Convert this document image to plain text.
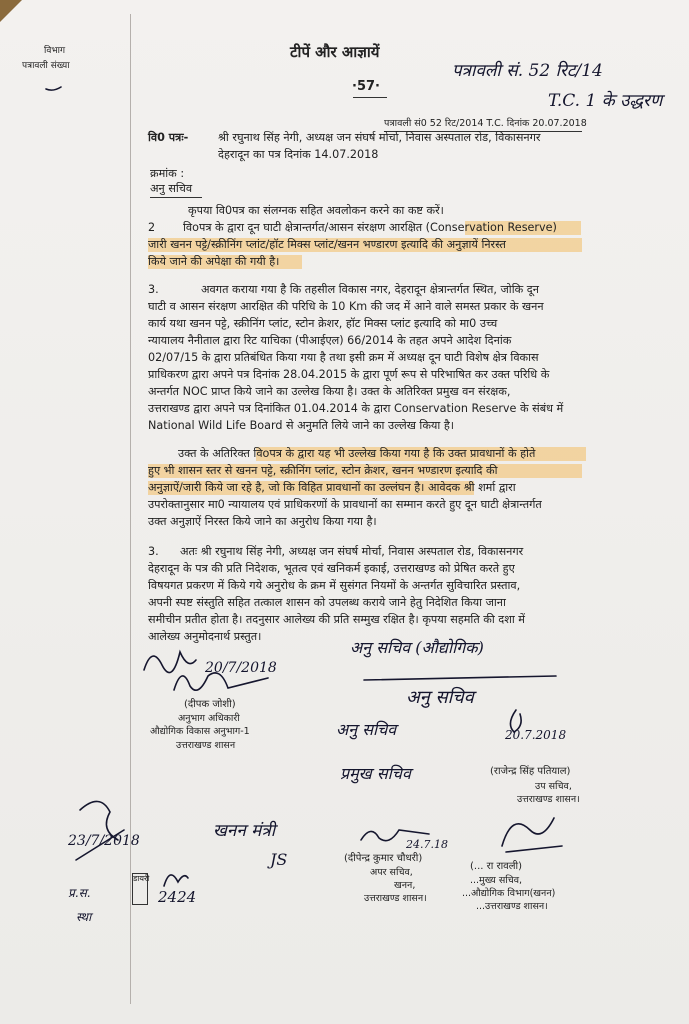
विभाग
पत्रावली संख्या
टीपें और आज्ञायें
·57·
पत्रावली सं. 52 रिट/14
T.C. 1 के उद्धरण
पत्रावली सं0 52 रिट/2014 T.C. दिनांक 20.07.2018
वि0 पत्रः-	श्री रघुनाथ सिंह नेगी, अध्यक्ष जन संघर्ष मोर्चा, निवास अस्पताल रोड, विकासनगर
देहरादून का पत्र दिनांक 14.07.2018
क्रमांक :
अनु सचिव
कृपया वि0पत्र का संलग्नक सहित अवलोकन करने का कष्ट करें।
2 विoपत्र के द्वारा दून घाटी क्षेत्रान्तर्गत/आसन संरक्षण आरक्षित (Conservation Reserve)
जारी खनन पट्टे/स्क्रीनिंग प्लांट/हॉट मिक्स प्लांट/खनन भण्डारण इत्यादि की अनुज्ञायें निरस्त
किये जाने की अपेक्षा की गयी है।
3.	अवगत कराया गया है कि तहसील विकास नगर, देहरादून क्षेत्रान्तर्गत स्थित, जोकि दून
घाटी व आसन संरक्षण आरक्षित की परिधि के 10 Km की जद में आने वाले समस्त प्रकार के खनन
कार्य यथा खनन पट्टे, स्क्रीनिंग प्लांट, स्टोन क्रेशर, हॉट मिक्स प्लांट इत्यादि को मा0 उच्च
न्यायालय नैनीताल द्वारा रिट याचिका (पीआईएल) 66/2014 के तहत अपने आदेश दिनांक
02/07/15 के द्वारा प्रतिबंधित किया गया है तथा इसी क्रम में अध्यक्ष दून घाटी विशेष क्षेत्र विकास
प्राधिकरण द्वारा अपने पत्र दिनांक 28.04.2015 के द्वारा पूर्ण रूप से परिभाषित कर उक्त परिधि के
अन्तर्गत NOC प्राप्त किये जाने का उल्लेख किया है। उक्त के अतिरिक्त प्रमुख वन संरक्षक,
उत्तराखण्ड द्वारा अपने पत्र दिनांकित 01.04.2014 के द्वारा Conservation Reserve के संबंध में
National Wild Life Board से अनुमति लिये जाने का उल्लेख किया है।
उक्त के अतिरिक्त विoपत्र के द्वारा यह भी उल्लेख किया गया है कि उक्त प्रावधानों के होते
हुए भी शासन स्तर से खनन पट्टे, स्क्रीनिंग प्लांट, स्टोन क्रेशर, खनन भण्डारण इत्यादि की
अनुज्ञाऐं/जारी किये जा रहे है, जो कि विहित प्रावधानों का उल्लंघन है। आवेदक श्री शर्मा द्वारा
उपरोक्तानुसार मा0 न्यायालय एवं प्राधिकरणों के प्रावधानों का सम्मान करते हुए दून घाटी क्षेत्रान्तर्गत
उक्त अनुज्ञाऐं निरस्त किये जाने का अनुरोध किया गया है।
3. अतः श्री रघुनाथ सिंह नेगी, अध्यक्ष जन संघर्ष मोर्चा, निवास अस्पताल रोड, विकासनगर
देहरादून के पत्र की प्रति निदेशक, भूतत्व एवं खनिकर्म इकाई, उत्तराखण्ड को प्रेषित करते हुए
विषयगत प्रकरण में किये गये अनुरोध के क्रम में सुसंगत नियमों के अन्तर्गत सुविचारित प्रस्ताव,
अपनी स्पष्ट संस्तुति सहित तत्काल शासन को उपलब्ध कराये जाने हेतु निदेशित किया जाना
समीचीन प्रतीत होता है। तदनुसार आलेख्य की प्रति सम्मुख रक्षित है। कृपया सहमति की दशा में
आलेख्य अनुमोदनार्थ प्रस्तुत।
अनु सचिव (औद्योगिक)
20/7/2018
(दीपक जोशी)
अनुभाग अधिकारी
औद्योगिक विकास अनुभाग-1
उत्तराखण्ड शासन
अनु सचिव
अनु सचिव	20.7.2018
प्रमुख सचिव	(राजेन्द्र सिंह पतियाल)
उप सचिव,
उत्तराखण्ड शासन।
23/7/2018
प्र.स.
स्था
खनन मंत्री
JS
24.7.18
(दीपेन्द्र कुमार चौधरी)
अपर सचिव,
खनन,
उत्तराखण्ड शासन।
(... रा रावली)
...मुख्य सचिव,
...औद्योगिक विभाग(खनन)
...उत्तराखण्ड शासन।
डायरी
2424
